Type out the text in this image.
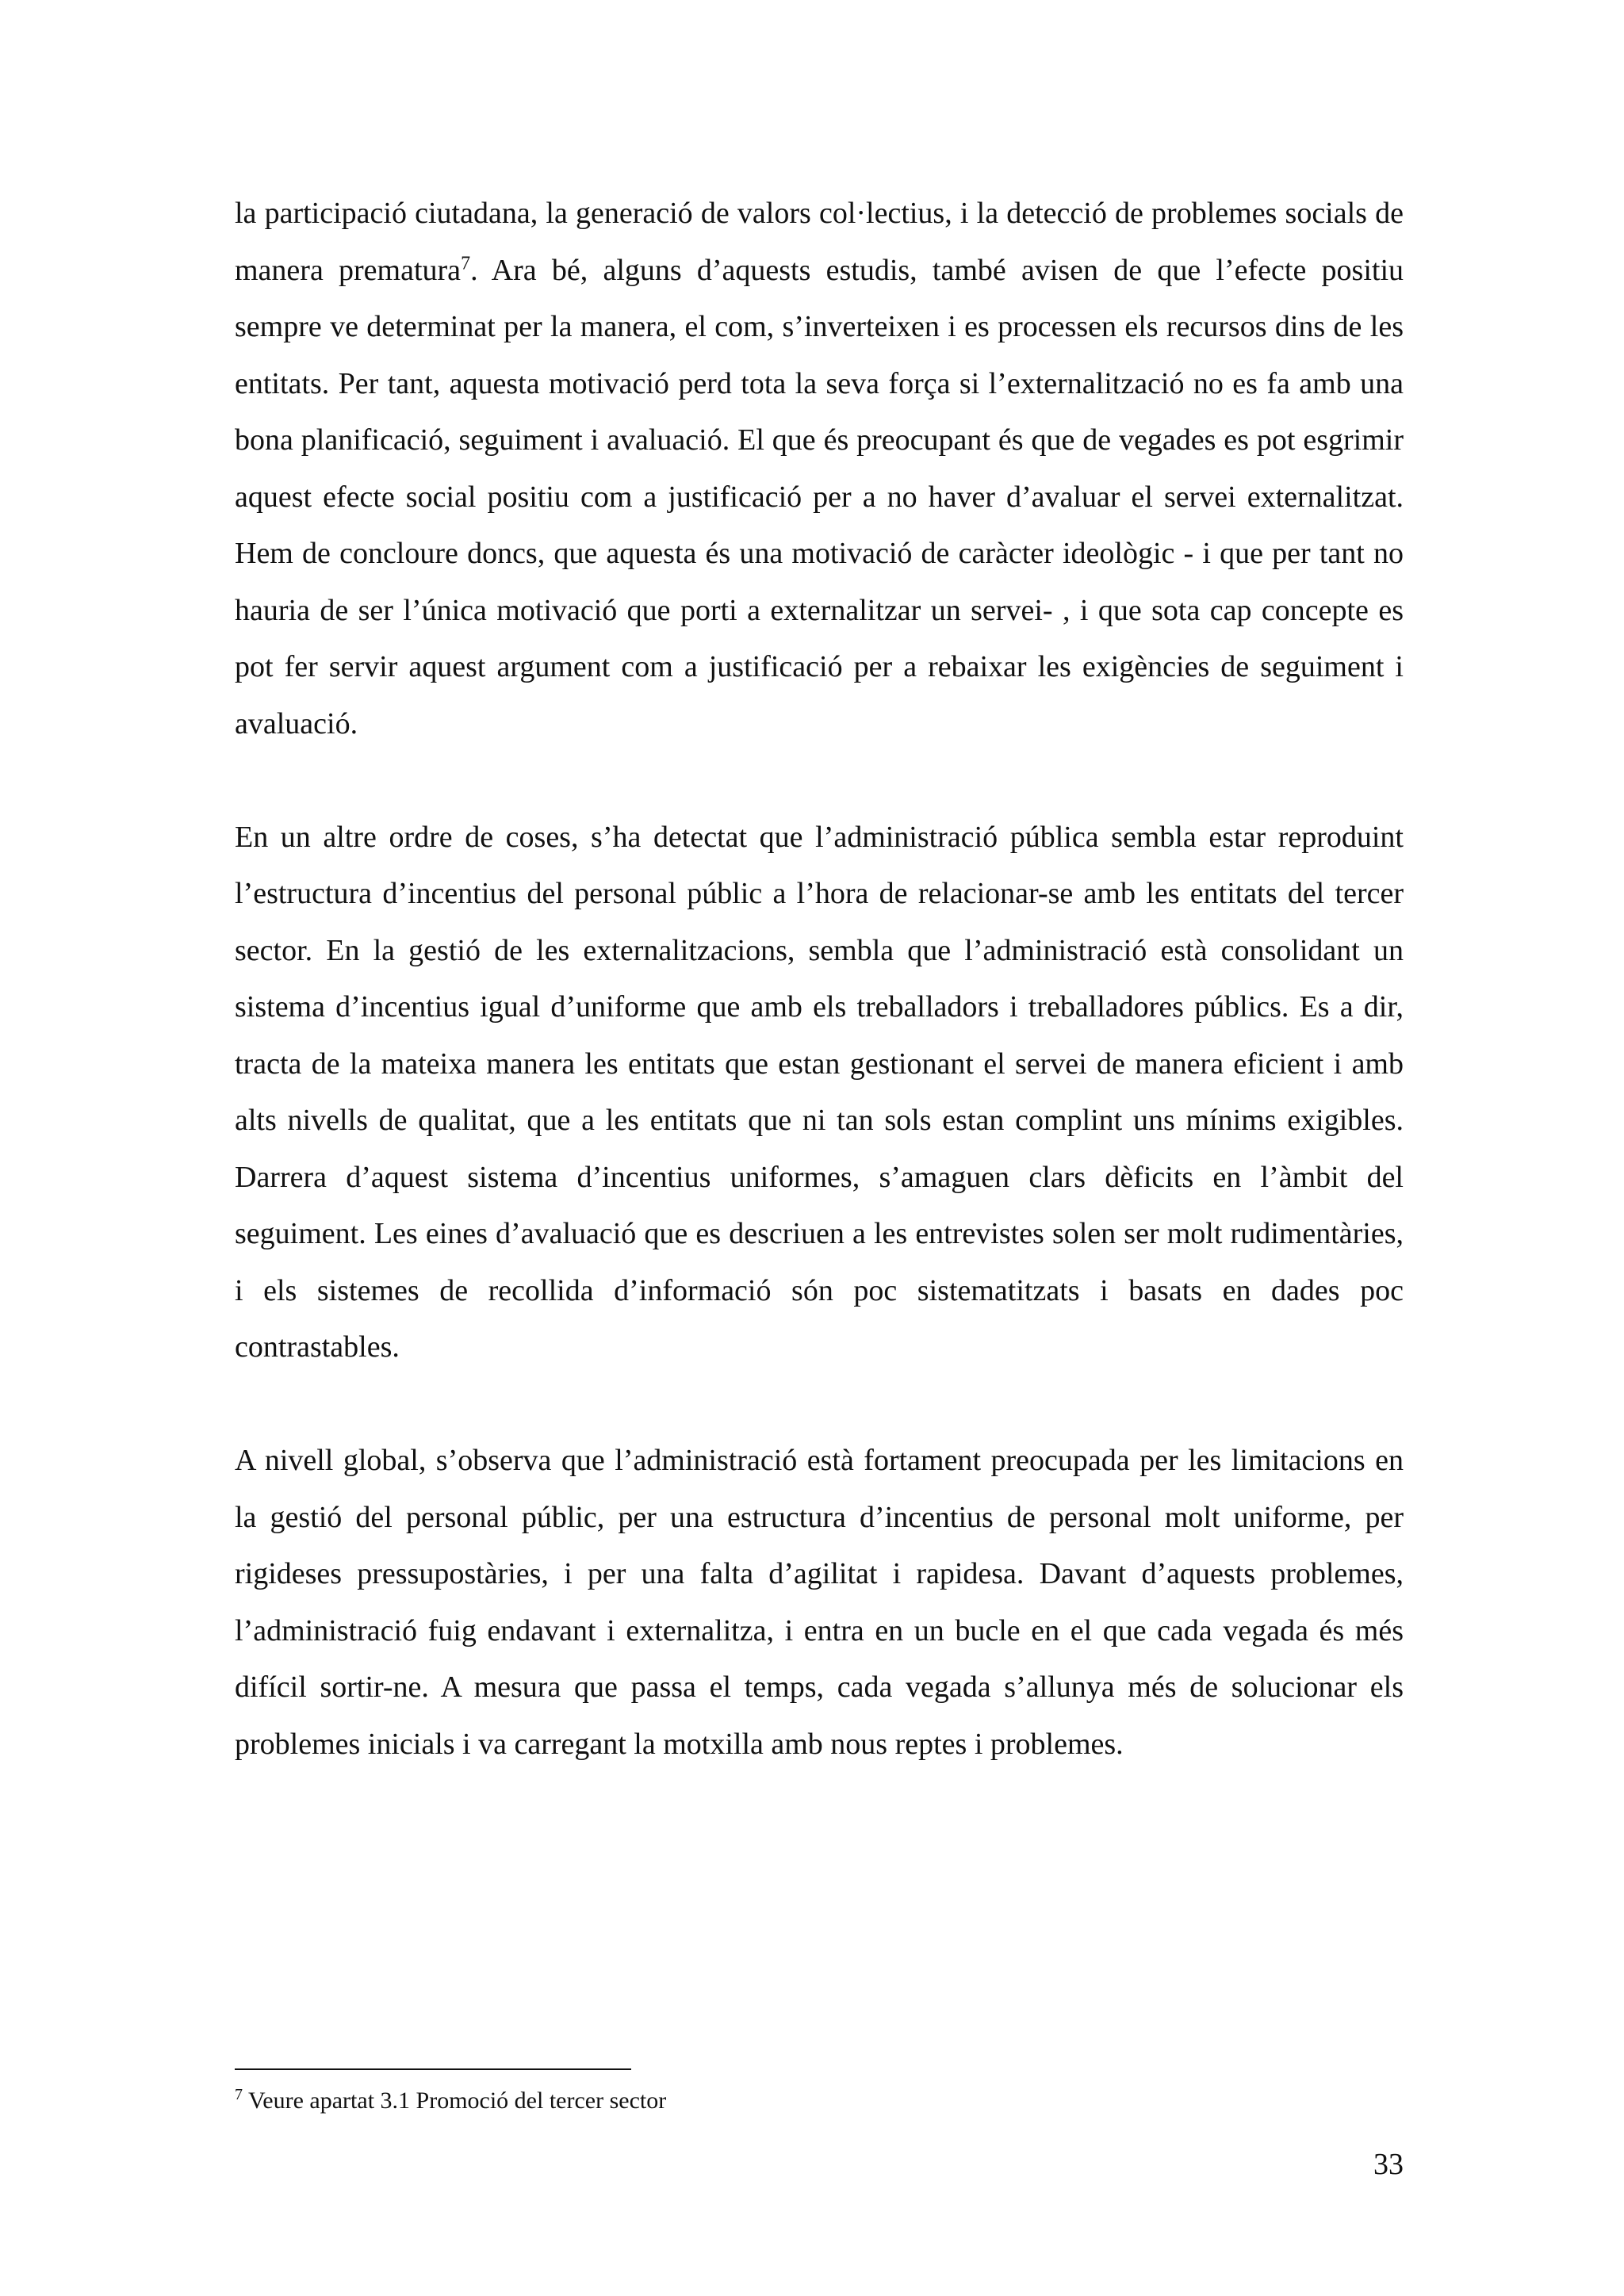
la participació ciutadana, la generació de valors col·lectius, i la detecció de problemes socials de manera prematura$^7$. Ara bé, alguns d’aquests estudis, també avisen de que l’efecte positiu sempre ve determinat per la manera, el com, s’inverteixen i es processen els recursos dins de les entitats. Per tant, aquesta motivació perd tota la seva força si l’externalització no es fa amb una bona planificació, seguiment i avaluació. El que és preocupant és que de vegades es pot esgrimir aquest efecte social positiu com a justificació per a no haver d’avaluar el servei externalitzat. Hem de concloure doncs, que aquesta és una motivació de caràcter ideològic - i que per tant no hauria de ser l’única motivació que porti a externalitzar un servei- , i que sota cap concepte es pot fer servir aquest argument com a justificació per a rebaixar les exigències de seguiment i avaluació.

En un altre ordre de coses, s’ha detectat que l’administració pública sembla estar reproduint l’estructura d’incentius del personal públic a l’hora de relacionar-se amb les entitats del tercer sector. En la gestió de les externalitzacions, sembla que l’administració està consolidant un sistema d’incentius igual d’uniforme que amb els treballadors i treballadores públics. Es a dir, tracta de la mateixa manera les entitats que estan gestionant el servei de manera eficient i amb alts nivells de qualitat, que a les entitats que ni tan sols estan complint uns mínims exigibles. Darrera d’aquest sistema d’incentius uniformes, s’amaguen clars dèficits en l’àmbit del seguiment. Les eines d’avaluació que es descriuen a les entrevistes solen ser molt rudimentàries, i els sistemes de recollida d’informació són poc sistematitzats i basats en dades poc contrastables.

A nivell global, s’observa que l’administració està fortament preocupada per les limitacions en la gestió del personal públic, per una estructura d’incentius de personal molt uniforme, per rigideses pressupostàries, i per una falta d’agilitat i rapidesa. Davant d’aquests problemes, l’administració fuig endavant i externalitza, i entra en un bucle en el que cada vegada és més difícil sortir-ne. A mesura que passa el temps, cada vegada s’allunya més de solucionar els problemes inicials i va carregant la motxilla amb nous reptes i problemes.

$^7$ Veure apartat 3.1 Promoció del tercer sector
33
